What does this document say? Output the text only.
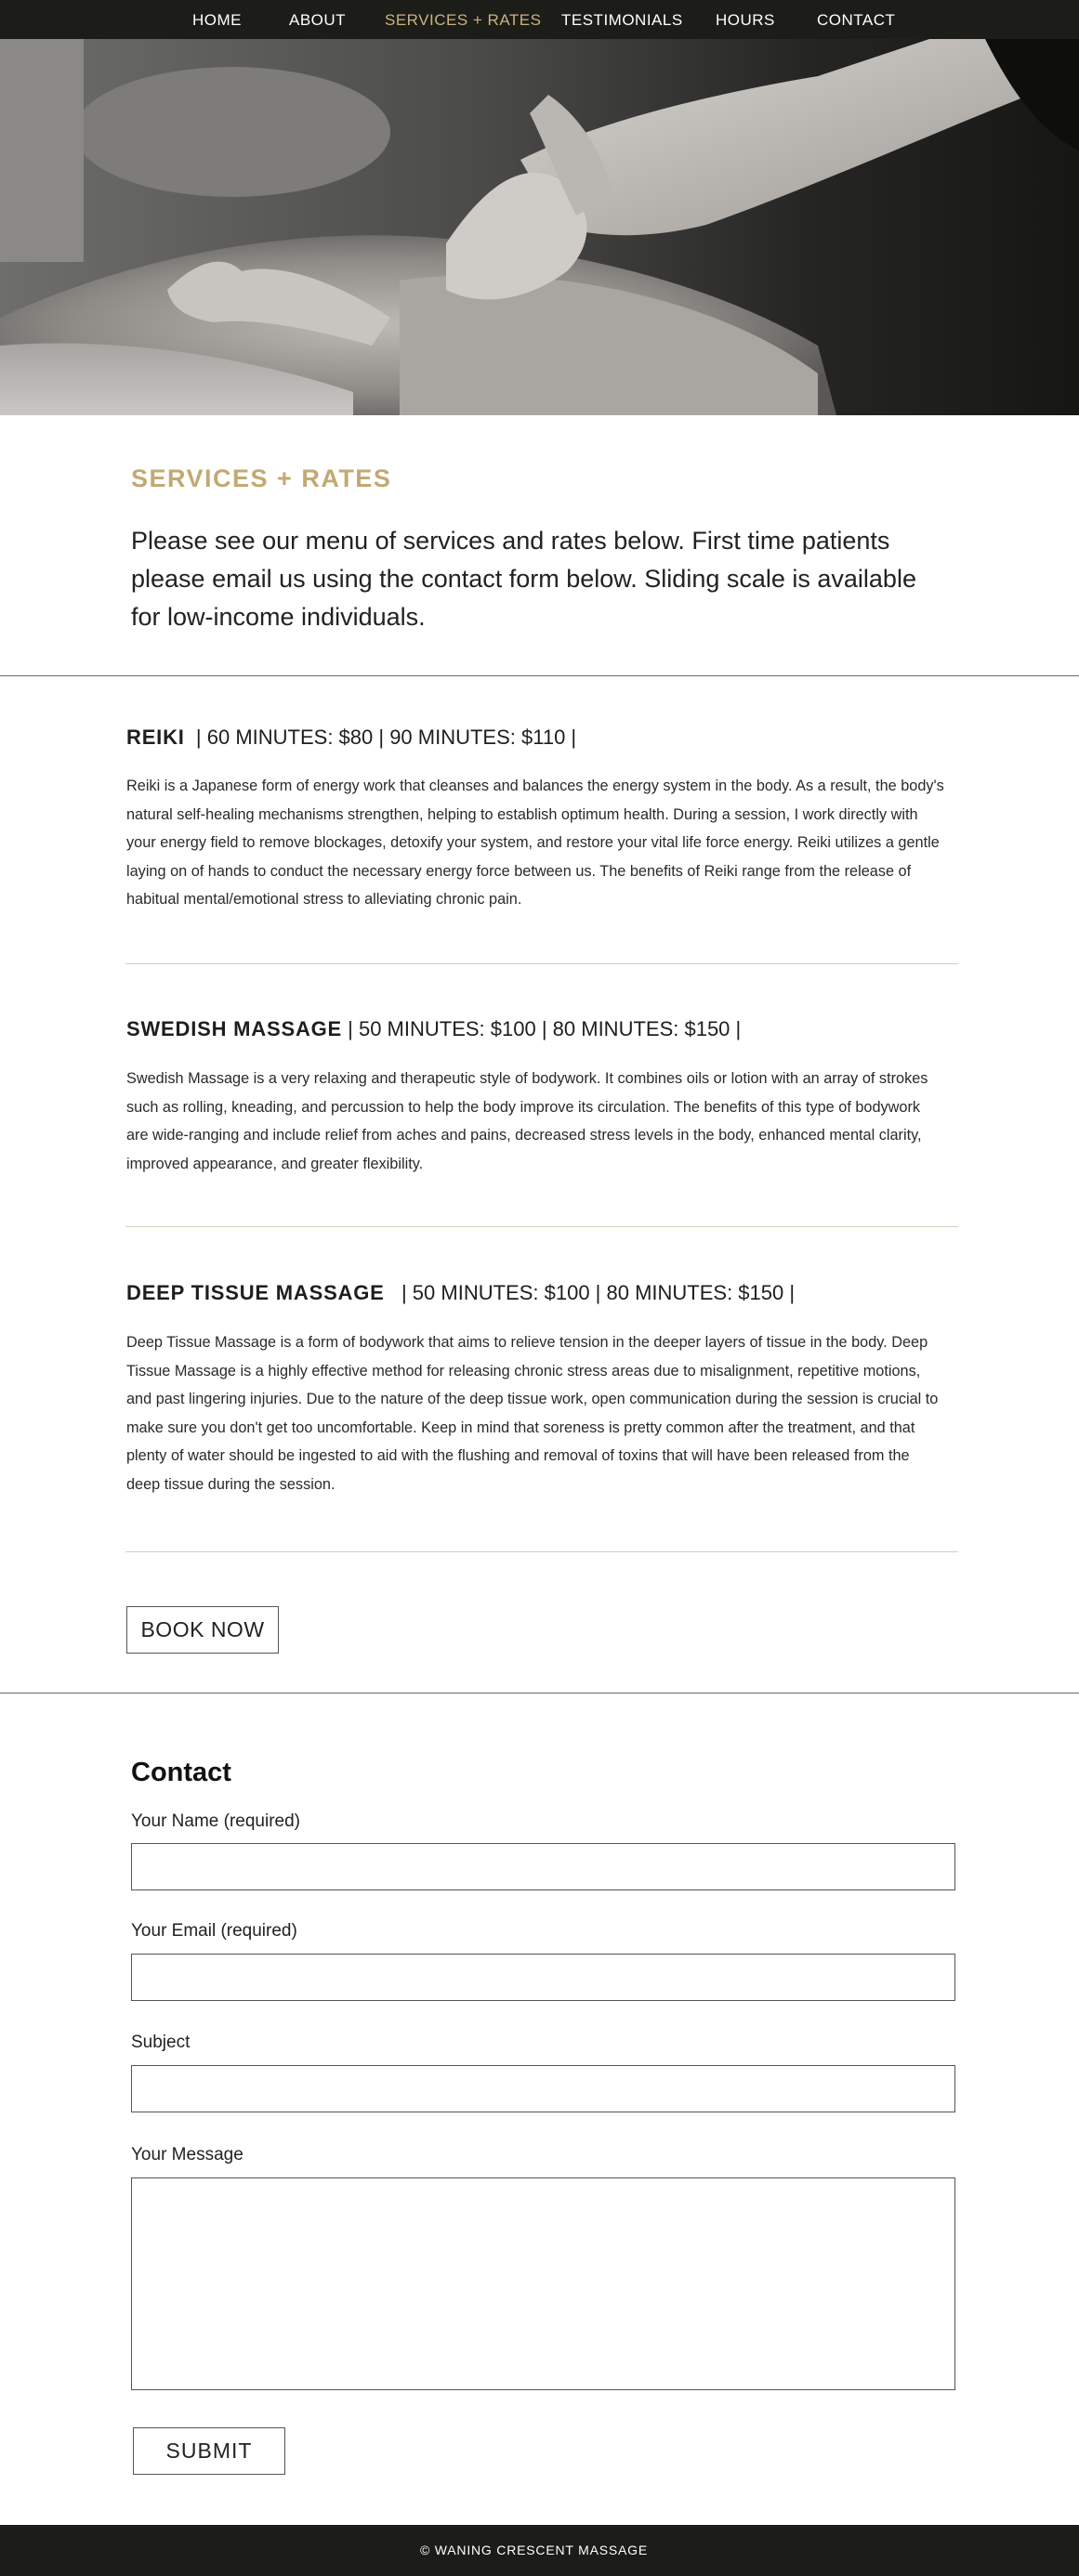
HOME	ABOUT SERVICES + RATES TESTIMONIALS HOURS	CONTACT
SERVICES + RATES
Please see our menu of services and rates below. First time patients please email us using the contact form below. Sliding scale is available for low-income individuals.
REIKI  | 60 MINUTES: $80 | 90 MINUTES: $110 |
Reiki is a Japanese form of energy work that cleanses and balances the energy system in the body. As a result, the body's natural self-healing mechanisms strengthen, helping to establish optimum health. During a session, I work directly with your energy field to remove blockages, detoxify your system, and restore your vital life force energy. Reiki utilizes a gentle laying on of hands to conduct the necessary energy force between us. The benefits of Reiki range from the release of habitual mental/emotional stress to alleviating chronic pain.
SWEDISH MASSAGE | 50 MINUTES: $100 | 80 MINUTES: $150 |
Swedish Massage is a very relaxing and therapeutic style of bodywork. It combines oils or lotion with an array of strokes such as rolling, kneading, and percussion to help the body improve its circulation. The benefits of this type of bodywork are wide-ranging and include relief from aches and pains, decreased stress levels in the body, enhanced mental clarity, improved appearance, and greater flexibility.
DEEP TISSUE MASSAGE   | 50 MINUTES: $100 | 80 MINUTES: $150 |
Deep Tissue Massage is a form of bodywork that aims to relieve tension in the deeper layers of tissue in the body. Deep Tissue Massage is a highly effective method for releasing chronic stress areas due to misalignment, repetitive motions, and past lingering injuries. Due to the nature of the deep tissue work, open communication during the session is crucial to make sure you don't get too uncomfortable. Keep in mind that soreness is pretty common after the treatment, and that plenty of water should be ingested to aid with the flushing and removal of toxins that will have been released from the deep tissue during the session.
BOOK NOW
Contact
Your Name (required)
Your Email (required)
Subject
Your Message
SUBMIT
© WANING CRESCENT MASSAGE
